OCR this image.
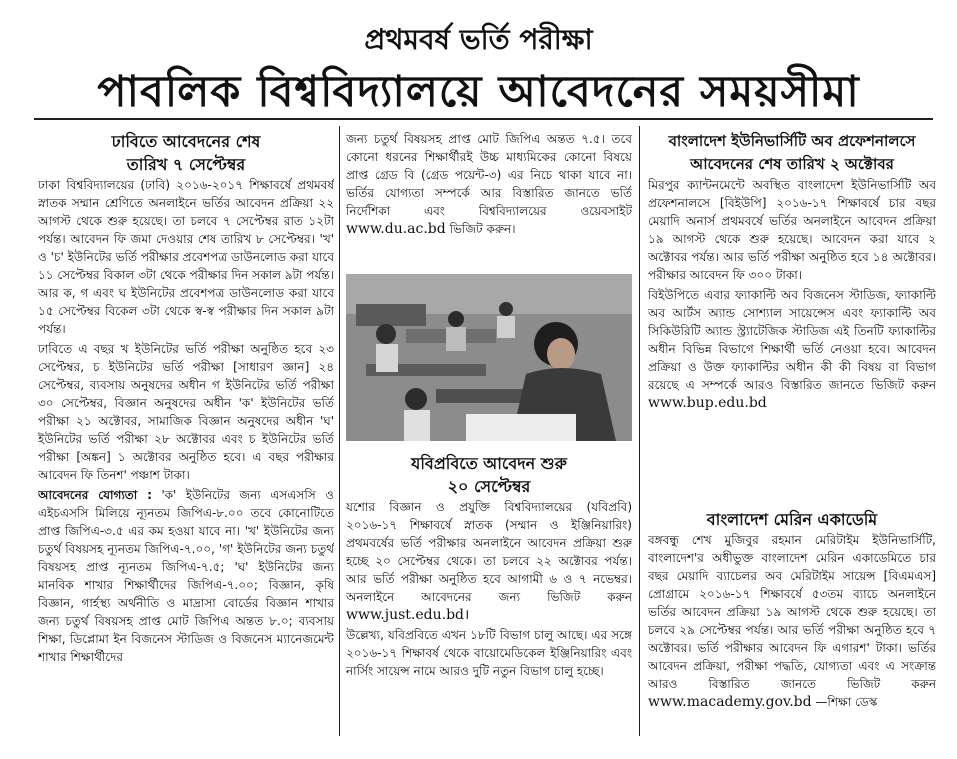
প্রথমবর্ষ ভর্তি পরীক্ষা
পাবলিক বিশ্ববিদ্যালয়ে আবেদনের সময়সীমা
ঢাবিতে আবেদনের শেষ
তারিখ ৭ সেপ্টেম্বর

ঢাকা বিশ্ববিদ্যালয়ের (ঢাবি) ২০১৬-২০১৭ শিক্ষাবর্ষে প্রথমবর্ষ স্নাতক সম্মান শ্রেণিতে অনলাইনে ভর্তির আবেদন প্রক্রিয়া ২২ আগস্ট থেকে শুরু হয়েছে। তা চলবে ৭ সেপ্টেম্বর রাত ১২টা পর্যন্ত। আবেদন ফি জমা দেওয়ার শেষ তারিখ ৮ সেপ্টেম্বর। 'খ' ও 'চ' ইউনিটের ভর্তি পরীক্ষার প্রবেশপত্র ডাউনলোড করা যাবে ১১ সেপ্টেম্বর বিকাল ৩টা থেকে পরীক্ষার দিন সকাল ৯টা পর্যন্ত। আর ক, গ এবং ঘ ইউনিটের প্রবেশপত্র ডাউনলোড করা যাবে ১৫ সেপ্টেম্বর বিকেল ৩টা থেকে স্ব-স্ব পরীক্ষার দিন সকাল ৯টা পর্যন্ত।

ঢাবিতে এ বছর খ ইউনিটের ভর্তি পরীক্ষা অনুষ্ঠিত হবে ২৩ সেপ্টেম্বর, চ ইউনিটের ভর্তি পরীক্ষা [সাধারণ জ্ঞান] ২৪ সেপ্টেম্বর, ব্যবসায় অনুষদের অধীন গ ইউনিটের ভর্তি পরীক্ষা ৩০ সেপ্টেম্বর, বিজ্ঞান অনুষদের অধীন 'ক' ইউনিটের ভর্তি পরীক্ষা ২১ অক্টোবর, সামাজিক বিজ্ঞান অনুষদের অধীন 'ঘ' ইউনিটের ভর্তি পরীক্ষা ২৮ অক্টোবর এবং চ ইউনিটের ভর্তি পরীক্ষা [অঙ্কন] ১ অক্টোবর অনুষ্ঠিত হবে। এ বছর পরীক্ষার আবেদন ফি তিনশ' পঞ্চাশ টাকা।

আবেদনের যোগ্যতা : 'ক' ইউনিটের জন্য এসএসসি ও এইচএসসি মিলিয়ে ন্যূনতম জিপিএ-৮.০০ তবে কোনোটিতে প্রাপ্ত জিপিএ-৩.৫ এর কম হওয়া যাবে না। 'খ' ইউনিটের জন্য চতুর্থ বিষয়সহ ন্যূনতম জিপিএ-৭.০০, 'গ' ইউনিটের জন্য চতুর্থ বিষয়সহ প্রাপ্ত ন্যূনতম জিপিএ-৭.৫; 'ঘ' ইউনিটের জন্য মানবিক শাখার শিক্ষার্থীদের জিপিএ-৭.০০; বিজ্ঞান, কৃষি বিজ্ঞান, গার্হস্থ্য অর্থনীতি ও মাদ্রাসা বোর্ডের বিজ্ঞান শাখার জন্য চতুর্থ বিষয়সহ প্রাপ্ত মোট জিপিএ অন্তত ৮.০; ব্যবসায় শিক্ষা, ডিপ্লোমা ইন বিজনেস স্টাডিজ ও বিজনেস ম্যানেজমেন্ট শাখার শিক্ষার্থীদের

জন্য চতুর্থ বিষয়সহ প্রাপ্ত মোট জিপিএ অন্তত ৭.৫। তবে কোনো ধরনের শিক্ষার্থীরই উচ্চ মাধ্যমিকের কোনো বিষয়ে প্রাপ্ত গ্রেড বি (গ্রেড পয়েন্ট-৩) এর নিচে থাকা যাবে না। ভর্তির যোগ্যতা সম্পর্কে আর বিস্তারিত জানতে ভর্তি নির্দেশিকা এবং বিশ্ববিদ্যালয়ের ওয়েবসাইট www.du.ac.bd ভিজিট করুন।

যবিপ্রবিতে আবেদন শুরু
২০ সেপ্টেম্বর

যশোর বিজ্ঞান ও প্রযুক্তি বিশ্ববিদ্যালয়ের (যবিপ্রবি) ২০১৬-১৭ শিক্ষাবর্ষে স্নাতক (সম্মান ও ইঞ্জিনিয়ারিং) প্রথমবর্ষের ভর্তি পরীক্ষার অনলাইনে আবেদন প্রক্রিয়া শুরু হচ্ছে ২০ সেপ্টেম্বর থেকে। তা চলবে ২২ অক্টোবর পর্যন্ত। আর ভর্তি পরীক্ষা অনুষ্ঠিত হবে আগামী ৬ ও ৭ নভেম্বর। অনলাইনে আবেদনের জন্য ভিজিট করুন www.just.edu.bd।

উল্লেখ্য, যবিপ্রবিতে এখন ১৮টি বিভাগ চালু আছে। এর সঙ্গে ২০১৬-১৭ শিক্ষাবর্ষ থেকে বায়োমেডিকেল ইঞ্জিনিয়ারিং এবং নার্সিং সায়েন্স নামে আরও দুটি নতুন বিভাগ চালু হচ্ছে।

বাংলাদেশ ইউনিভার্সিটি অব প্রফেশনালসে
আবেদনের শেষ তারিখ ২ অক্টোবর

মিরপুর ক্যান্টনমেন্টে অবস্থিত বাংলাদেশ ইউনিভার্সিটি অব প্রফেশনালসে [বিইউপি] ২০১৬-১৭ শিক্ষাবর্ষে চার বছর মেয়াদি অনার্স প্রথমবর্ষে ভর্তির অনলাইনে আবেদন প্রক্রিয়া ১৯ আগস্ট থেকে শুরু হয়েছে। আবেদন করা যাবে ২ অক্টোবর পর্যন্ত। আর ভর্তি পরীক্ষা অনুষ্ঠিত হবে ১৪ অক্টোবর। পরীক্ষার আবেদন ফি ৩০০ টাকা।

বিইউপিতে এবার ফ্যাকাল্টি অব বিজনেস স্টাডিজ, ফ্যাকাল্টি অব আর্টস অ্যান্ড সোশ্যাল সায়েন্সেস এবং ফ্যাকাল্টি অব সিকিউরিটি অ্যান্ড স্ট্র্যাটেজিক স্টাডিজ এই তিনটি ফ্যাকাল্টির অধীন বিভিন্ন বিভাগে শিক্ষার্থী ভর্তি নেওয়া হবে। আবেদন প্রক্রিয়া ও উক্ত ফ্যাকাল্টির অধীন কী কী বিষয় বা বিভাগ রয়েছে এ সম্পর্কে আরও বিস্তারিত জানতে ভিজিট করুন www.bup.edu.bd

বাংলাদেশ মেরিন একাডেমি

বঙ্গবন্ধু শেখ মুজিবুর রহমান মেরিটাইম ইউনিভার্সিটি, বাংলাদেশ'র অধীভুক্ত বাংলাদেশ মেরিন একাডেমিতে চার বছর মেয়াদি ব্যাচেলর অব মেরিটাইম সায়েন্স [বিএমএস] প্রোগ্রামে ২০১৬-১৭ শিক্ষাবর্ষে ৫৩তম ব্যাচে অনলাইনে ভর্তির আবেদন প্রক্রিয়া ১৯ আগস্ট থেকে শুরু হয়েছে। তা চলবে ২৯ সেপ্টেম্বর পর্যন্ত। আর ভর্তি পরীক্ষা অনুষ্ঠিত হবে ৭ অক্টোবর। ভর্তি পরীক্ষার আবেদন ফি এগারশ' টাকা। ভর্তির আবেদন প্রক্রিয়া, পরীক্ষা পদ্ধতি, যোগ্যতা এবং এ সংক্রান্ত আরও বিস্তারিত জানতে ভিজিট করুন www.macademy.gov.bd —শিক্ষা ডেস্ক
